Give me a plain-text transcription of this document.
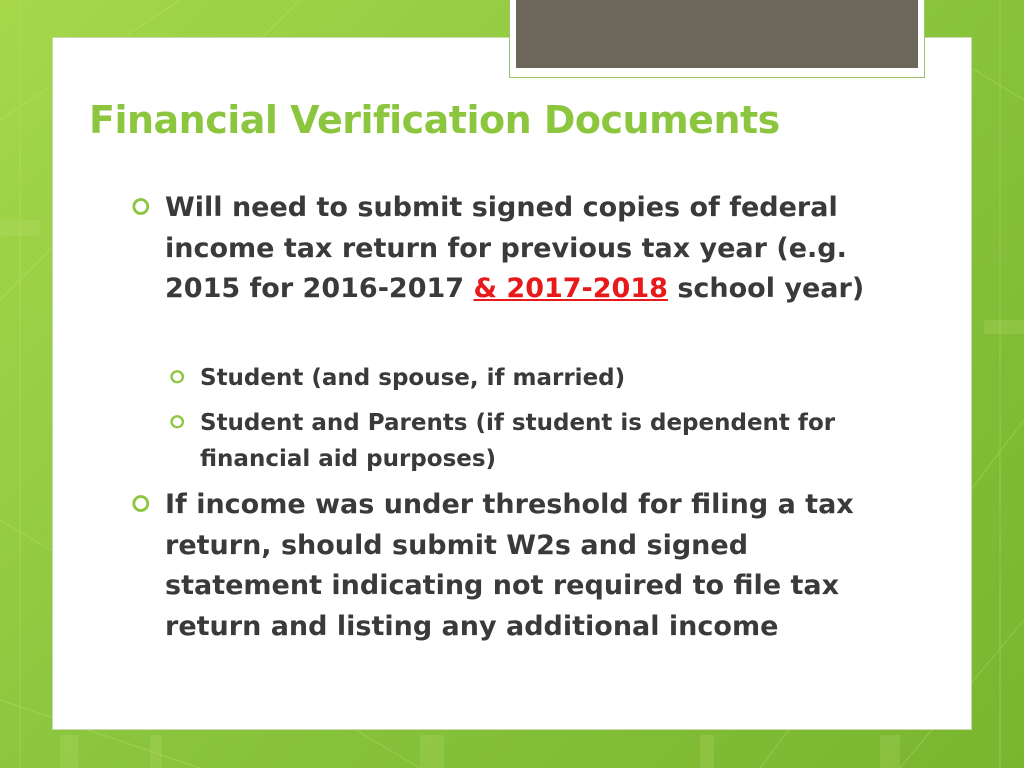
Financial Verification Documents
⭘ Will need to submit signed copies of federal income tax return for previous tax year (e.g. 2015 for 2016-2017 & 2017-2018 school year)
⭘ Student (and spouse, if married)
⭘ Student and Parents (if student is dependent for financial aid purposes)
⭘ If income was under threshold for filing a tax return, should submit W2s and signed statement indicating not required to file tax return and listing any additional income
